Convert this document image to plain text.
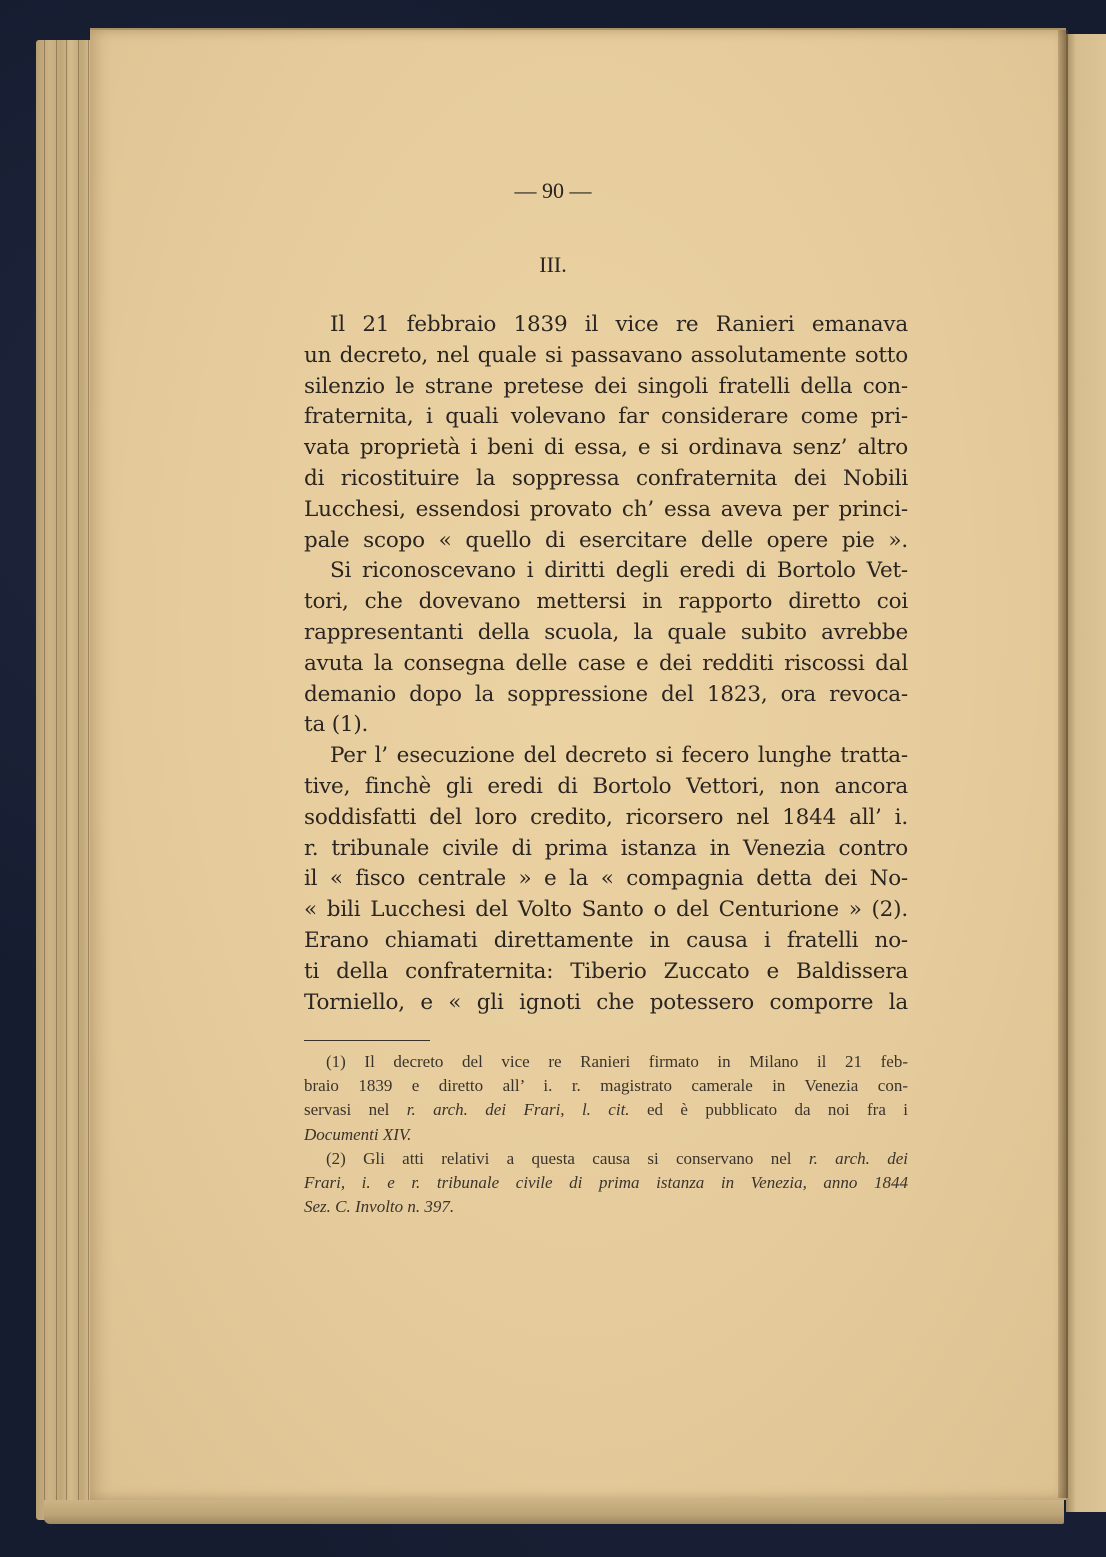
— 90 —
III.
Il 21 febbraio 1839 il vice re Ranieri emanava
un decreto, nel quale si passavano assolutamente sotto
silenzio le strane pretese dei singoli fratelli della con-
fraternita, i quali volevano far considerare come pri-
vata proprietà i beni di essa, e si ordinava senz’ altro
di ricostituire la soppressa confraternita dei Nobili
Lucchesi, essendosi provato ch’ essa aveva per princi-
pale scopo « quello di esercitare delle opere pie ».
Si riconoscevano i diritti degli eredi di Bortolo Vet-
tori, che dovevano mettersi in rapporto diretto coi
rappresentanti della scuola, la quale subito avrebbe
avuta la consegna delle case e dei redditi riscossi dal
demanio dopo la soppressione del 1823, ora revoca-
ta (1).
Per l’ esecuzione del decreto si fecero lunghe tratta-
tive, finchè gli eredi di Bortolo Vettori, non ancora
soddisfatti del loro credito, ricorsero nel 1844 all’ i.
r. tribunale civile di prima istanza in Venezia contro
il « fisco centrale » e la « compagnia detta dei No-
« bili Lucchesi del Volto Santo o del Centurione » (2).
Erano chiamati direttamente in causa i fratelli no-
ti della confraternita: Tiberio Zuccato e Baldissera
Torniello, e « gli ignoti che potessero comporre la
(1) Il decreto del vice re Ranieri firmato in Milano il 21 feb-
braio 1839 e diretto all’ i. r. magistrato camerale in Venezia con-
servasi nel r. arch. dei Frari, l. cit. ed è pubblicato da noi fra i
Documenti XIV.
(2) Gli atti relativi a questa causa si conservano nel r. arch. dei
Frari, i. e r. tribunale civile di prima istanza in Venezia, anno 1844
Sez. C. Involto n. 397.
